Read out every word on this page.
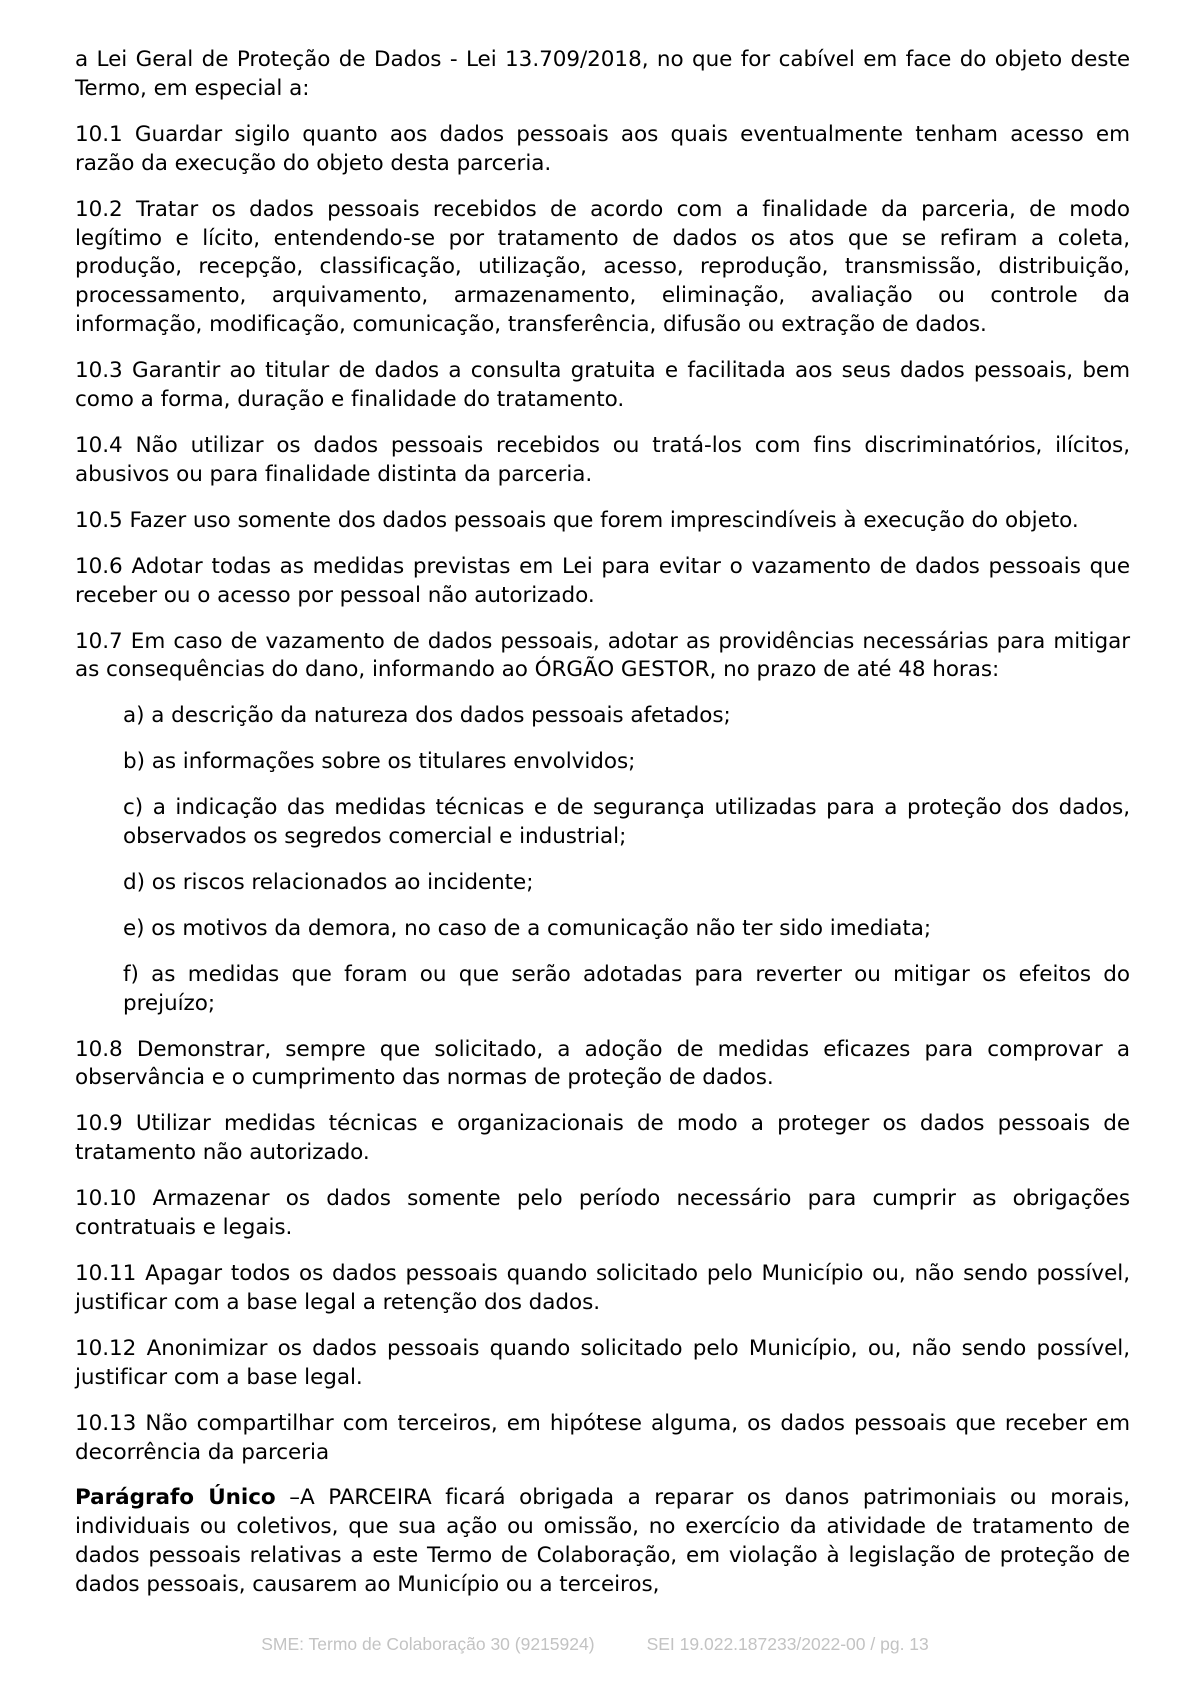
a Lei Geral de Proteção de Dados - Lei 13.709/2018, no que for cabível em face do objeto deste Termo, em especial a:

10.1 Guardar sigilo quanto aos dados pessoais aos quais eventualmente tenham acesso em razão da execução do objeto desta parceria.

10.2 Tratar os dados pessoais recebidos de acordo com a finalidade da parceria, de modo legítimo e lícito, entendendo-se por tratamento de dados os atos que se refiram a coleta, produção, recepção, classificação, utilização, acesso, reprodução, transmissão, distribuição, processamento, arquivamento, armazenamento, eliminação, avaliação ou controle da informação, modificação, comunicação, transferência, difusão ou extração de dados.

10.3 Garantir ao titular de dados a consulta gratuita e facilitada aos seus dados pessoais, bem como a forma, duração e finalidade do tratamento.

10.4 Não utilizar os dados pessoais recebidos ou tratá-los com fins discriminatórios, ilícitos, abusivos ou para finalidade distinta da parceria.

10.5 Fazer uso somente dos dados pessoais que forem imprescindíveis à execução do objeto.

10.6 Adotar todas as medidas previstas em Lei para evitar o vazamento de dados pessoais que receber ou o acesso por pessoal não autorizado.

10.7 Em caso de vazamento de dados pessoais, adotar as providências necessárias para mitigar as consequências do dano, informando ao ÓRGÃO GESTOR, no prazo de até 48 horas:

a) a descrição da natureza dos dados pessoais afetados;

b) as informações sobre os titulares envolvidos;

c) a indicação das medidas técnicas e de segurança utilizadas para a proteção dos dados, observados os segredos comercial e industrial;

d) os riscos relacionados ao incidente;

e) os motivos da demora, no caso de a comunicação não ter sido imediata;

f) as medidas que foram ou que serão adotadas para reverter ou mitigar os efeitos do prejuízo;

10.8 Demonstrar, sempre que solicitado, a adoção de medidas eficazes para comprovar a observância e o cumprimento das normas de proteção de dados.

10.9 Utilizar medidas técnicas e organizacionais de modo a proteger os dados pessoais de tratamento não autorizado.

10.10 Armazenar os dados somente pelo período necessário para cumprir as obrigações contratuais e legais.

10.11 Apagar todos os dados pessoais quando solicitado pelo Município ou, não sendo possível, justificar com a base legal a retenção dos dados.

10.12 Anonimizar os dados pessoais quando solicitado pelo Município, ou, não sendo possível, justificar com a base legal.

10.13 Não compartilhar com terceiros, em hipótese alguma, os dados pessoais que receber em decorrência da parceria

Parágrafo Único –A PARCEIRA ficará obrigada a reparar os danos patrimoniais ou morais, individuais ou coletivos, que sua ação ou omissão, no exercício da atividade de tratamento de dados pessoais relativas a este Termo de Colaboração, em violação à legislação de proteção de dados pessoais, causarem ao Município ou a terceiros,

SME: Termo de Colaboração 30 (9215924)	SEI 19.022.187233/2022-00 / pg. 13
